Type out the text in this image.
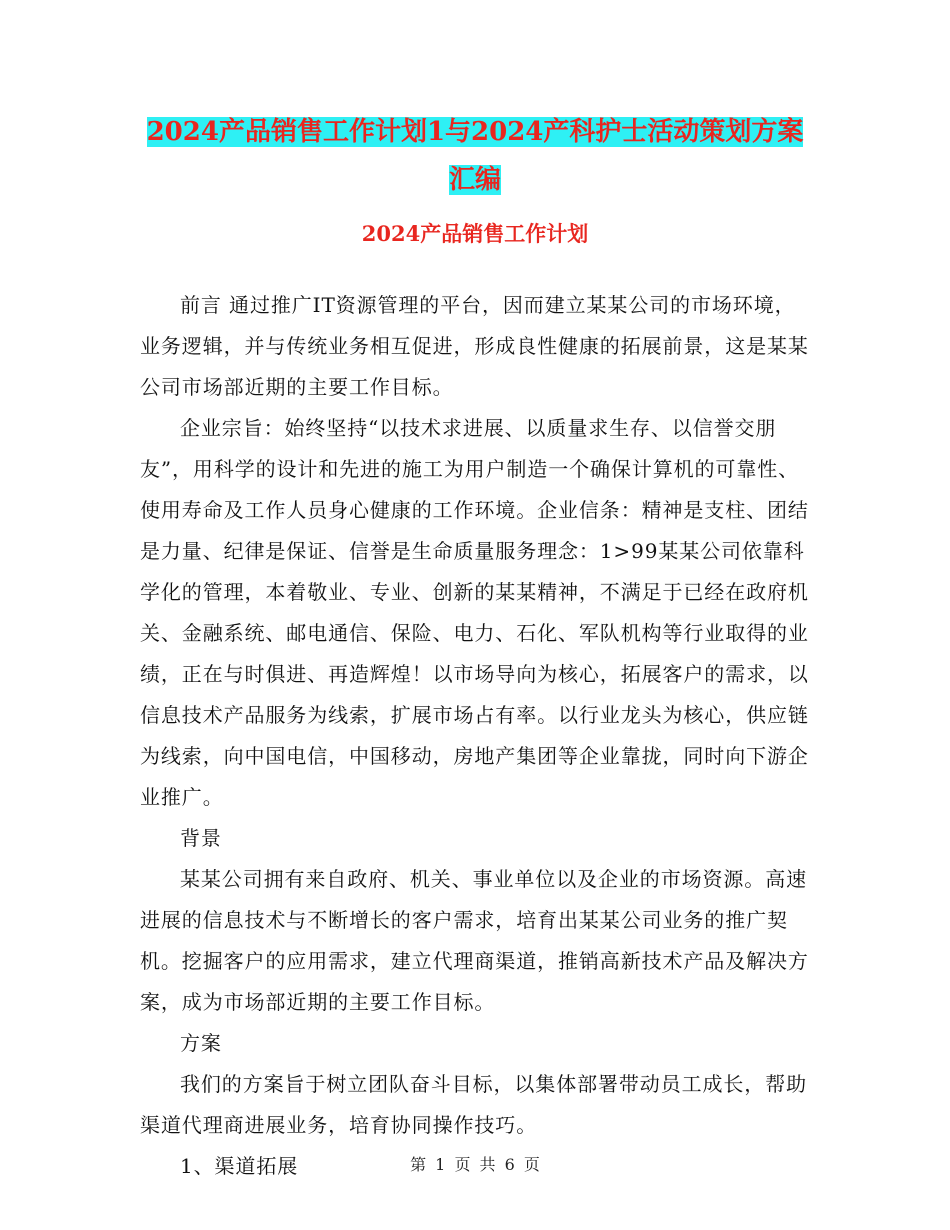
2024产品销售工作计划1与2024产科护士活动策划方案汇编
2024产品销售工作计划

前言 通过推广IT资源管理的平台，因而建立某某公司的市场环境，业务逻辑，并与传统业务相互促进，形成良性健康的拓展前景，这是某某公司市场部近期的主要工作目标。

企业宗旨：始终坚持“以技术求进展、以质量求生存、以信誉交朋友”，用科学的设计和先进的施工为用户制造一个确保计算机的可靠性、使用寿命及工作人员身心健康的工作环境。企业信条：精神是支柱、团结是力量、纪律是保证、信誉是生命质量服务理念：1>99某某公司依靠科学化的管理，本着敬业、专业、创新的某某精神，不满足于已经在政府机关、金融系统、邮电通信、保险、电力、石化、军队机构等行业取得的业绩，正在与时俱进、再造辉煌！以市场导向为核心，拓展客户的需求，以信息技术产品服务为线索，扩展市场占有率。以行业龙头为核心，供应链为线索，向中国电信，中国移动，房地产集团等企业靠拢，同时向下游企业推广。

背景

某某公司拥有来自政府、机关、事业单位以及企业的市场资源。高速进展的信息技术与不断增长的客户需求，培育出某某公司业务的推广契机。挖掘客户的应用需求，建立代理商渠道，推销高新技术产品及解决方案，成为市场部近期的主要工作目标。

方案

我们的方案旨于树立团队奋斗目标，以集体部署带动员工成长，帮助渠道代理商进展业务，培育协同操作技巧。

1、渠道拓展	第 1 页 共 6 页
